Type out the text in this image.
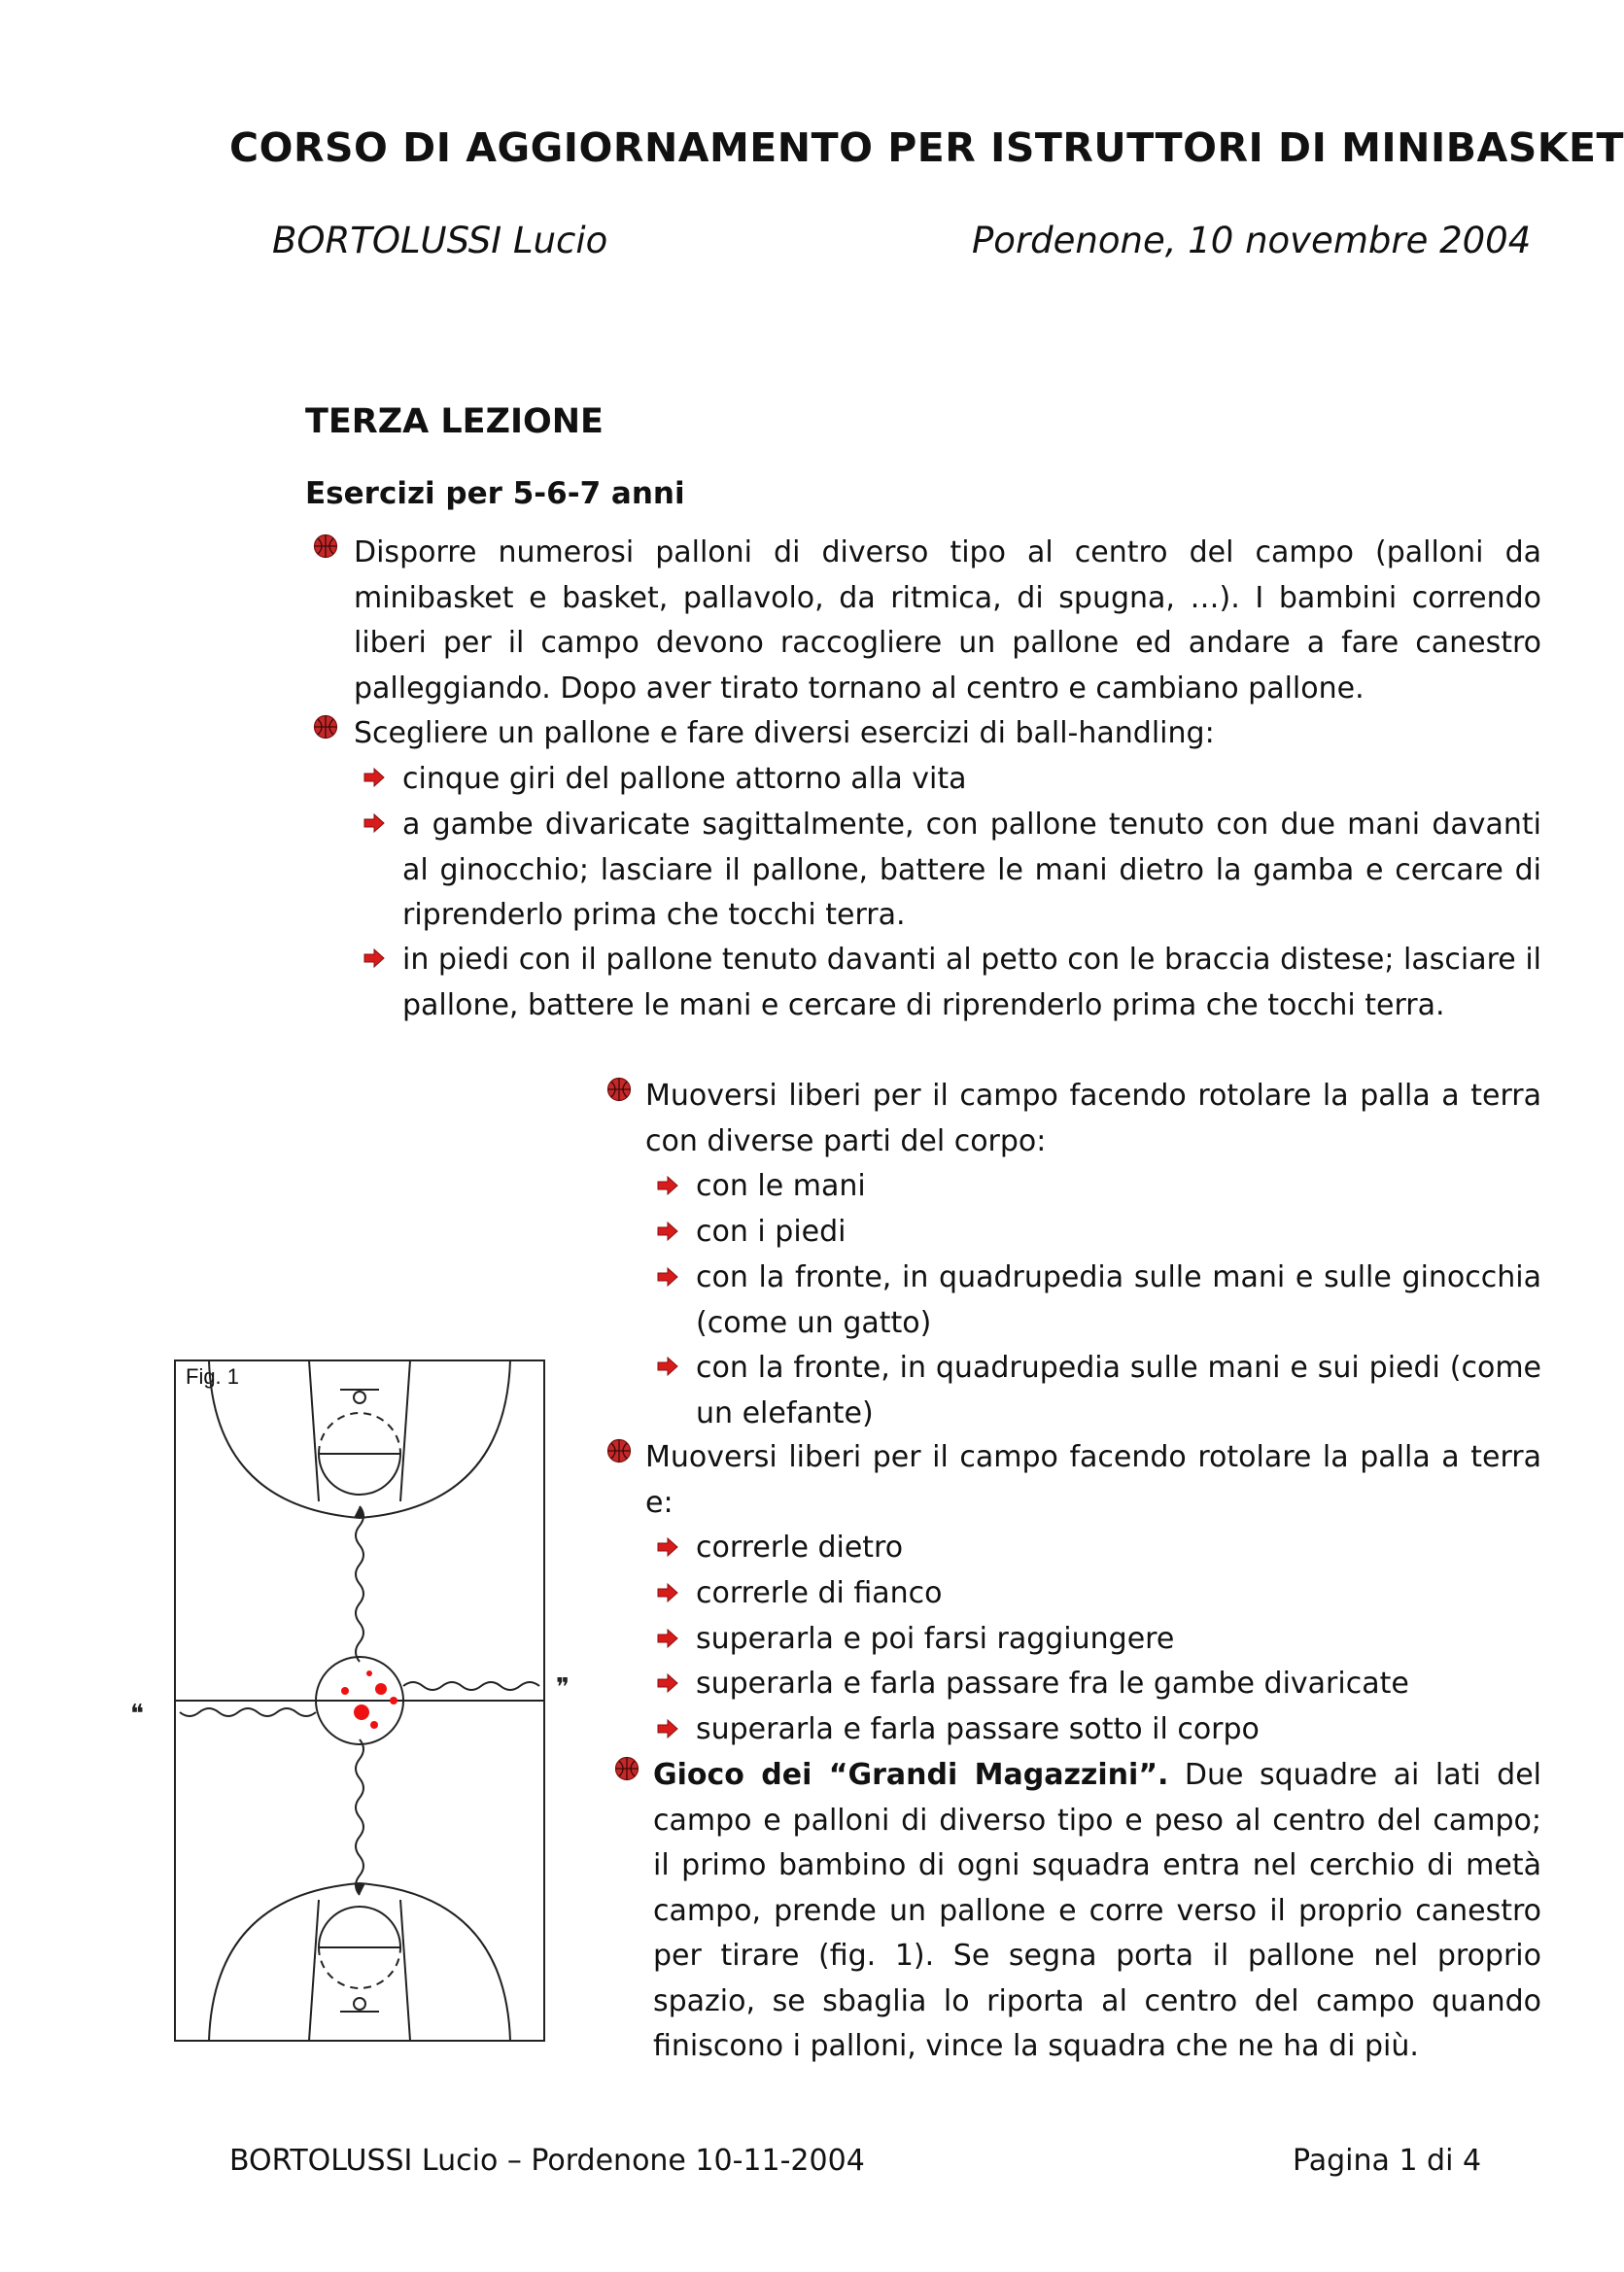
CORSO DI AGGIORNAMENTO PER ISTRUTTORI DI MINIBASKET
BORTOLUSSI Lucio	Pordenone, 10 novembre 2004
TERZA LEZIONE
Esercizi per 5-6-7 anni
Disporre numerosi palloni di diverso tipo al centro del campo (palloni da minibasket e basket, pallavolo, da ritmica, di spugna, …). I bambini correndo liberi per il campo devono raccogliere un pallone ed andare a fare canestro palleggiando. Dopo aver tirato tornano al centro e cambiano pallone.
Scegliere un pallone e fare diversi esercizi di ball-handling:
cinque giri del pallone attorno alla vita
a gambe divaricate sagittalmente, con pallone tenuto con due mani davanti al ginocchio; lasciare il pallone, battere le mani dietro la gamba e cercare di riprenderlo prima che tocchi terra.
in piedi con il pallone tenuto davanti al petto con le braccia distese; lasciare il pallone, battere le mani e cercare di riprenderlo prima che tocchi terra.
Muoversi liberi per il campo facendo rotolare la palla a terra con diverse parti del corpo:
con le mani
con i piedi
con la fronte, in quadrupedia sulle mani e sulle ginocchia (come un gatto)
con la fronte, in quadrupedia sulle mani e sui piedi (come un elefante)
Muoversi liberi per il campo facendo rotolare la palla a terra e:
correrle dietro
correrle di fianco
superarla e poi farsi raggiungere
superarla e farla passare fra le gambe divaricate
superarla e farla passare sotto il corpo
Gioco dei “Grandi Magazzini”. Due squadre ai lati del campo e palloni di diverso tipo e peso al centro del campo; il primo bambino di ogni squadra entra nel cerchio di metà campo, prende un pallone e corre verso il proprio canestro per tirare (fig. 1). Se segna porta il pallone nel proprio spazio, se sbaglia lo riporta al centro del campo quando finiscono i palloni, vince la squadra che ne ha di più.
Fig. 1
❞
❝
BORTOLUSSI Lucio – Pordenone 10-11-2004	Pagina 1 di 4
